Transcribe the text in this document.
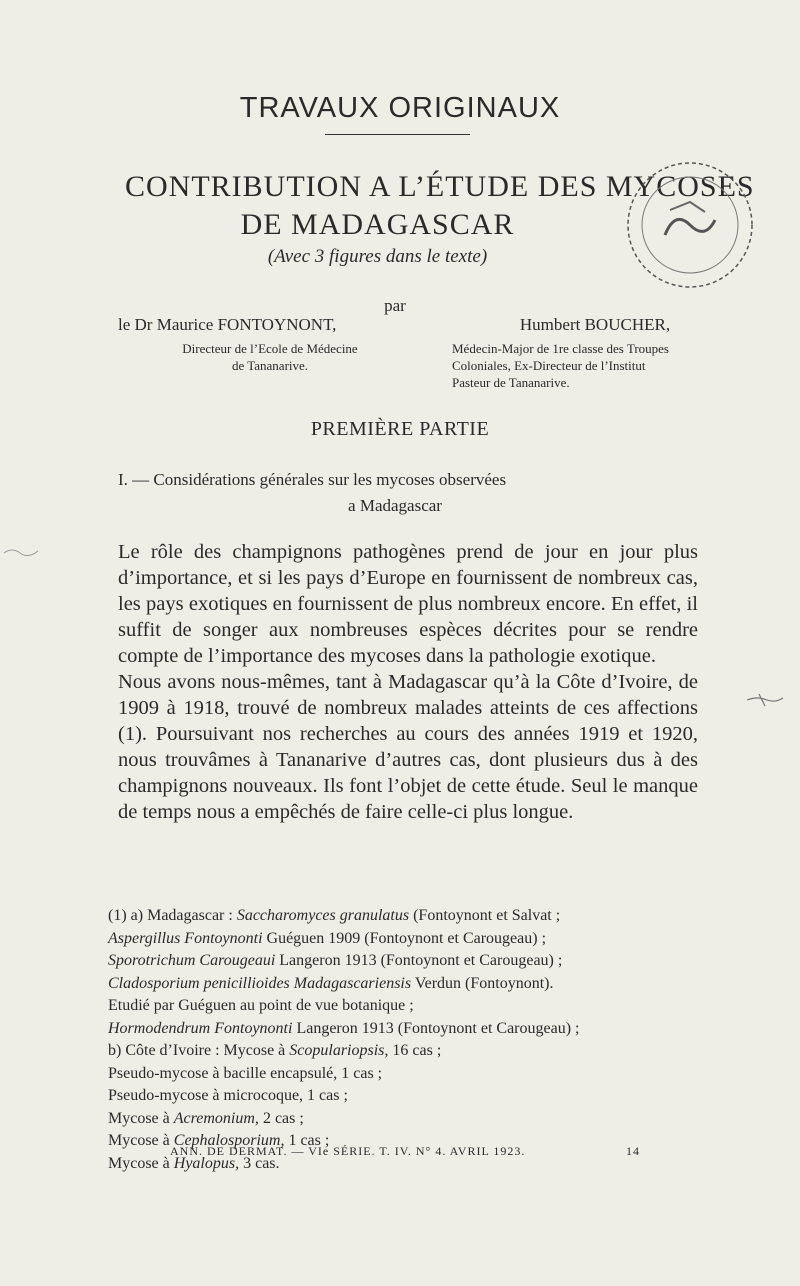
TRAVAUX ORIGINAUX
CONTRIBUTION A L’ÉTUDE DES MYCOSES
DE MADAGASCAR
(Avec 3 figures dans le texte)
par
le Dr Maurice FONTOYNONT,
Directeur de l’Ecole de Médecine
de Tananarive.
Humbert BOUCHER,
Médecin-Major de 1re classe des Troupes
Coloniales, Ex-Directeur de l’Institut
Pasteur de Tananarive.
PREMIÈRE PARTIE
I. — Considérations générales sur les mycoses observées
a Madagascar

Le rôle des champignons pathogènes prend de jour en jour plus d’importance, et si les pays d’Europe en fournissent de nombreux cas, les pays exotiques en fournissent de plus nombreux encore. En effet, il suffit de songer aux nombreuses espèces décrites pour se rendre compte de l’importance des mycoses dans la pathologie exotique.

Nous avons nous-mêmes, tant à Madagascar qu’à la Côte d’Ivoire, de 1909 à 1918, trouvé de nombreux malades atteints de ces affections (1). Poursuivant nos recherches au cours des années 1919 et 1920, nous trouvâmes à Tananarive d’autres cas, dont plusieurs dus à des champignons nouveaux. Ils font l’objet de cette étude. Seul le manque de temps nous a empêchés de faire celle-ci plus longue.

(1) a) Madagascar : Saccharomyces granulatus (Fontoynont et Salvat ;
Aspergillus Fontoynonti Guéguen 1909 (Fontoynont et Carougeau) ;
Sporotrichum Carougeaui Langeron 1913 (Fontoynont et Carougeau) ;
Cladosporium penicillioides Madagascariensis Verdun (Fontoynont).
Etudié par Guéguen au point de vue botanique ;
Hormodendrum Fontoynonti Langeron 1913 (Fontoynont et Carougeau) ;
b) Côte d’Ivoire : Mycose à Scopulariopsis, 16 cas ;
Pseudo-mycose à bacille encapsulé, 1 cas ;
Pseudo-mycose à microcoque, 1 cas ;
Mycose à Acremonium, 2 cas ;
Mycose à Cephalosporium, 1 cas ;
Mycose à Hyalopus, 3 cas.
ANN. DE DERMAT. — VIe SÉRIE. T. IV. N° 4. AVRIL 1923.	14
